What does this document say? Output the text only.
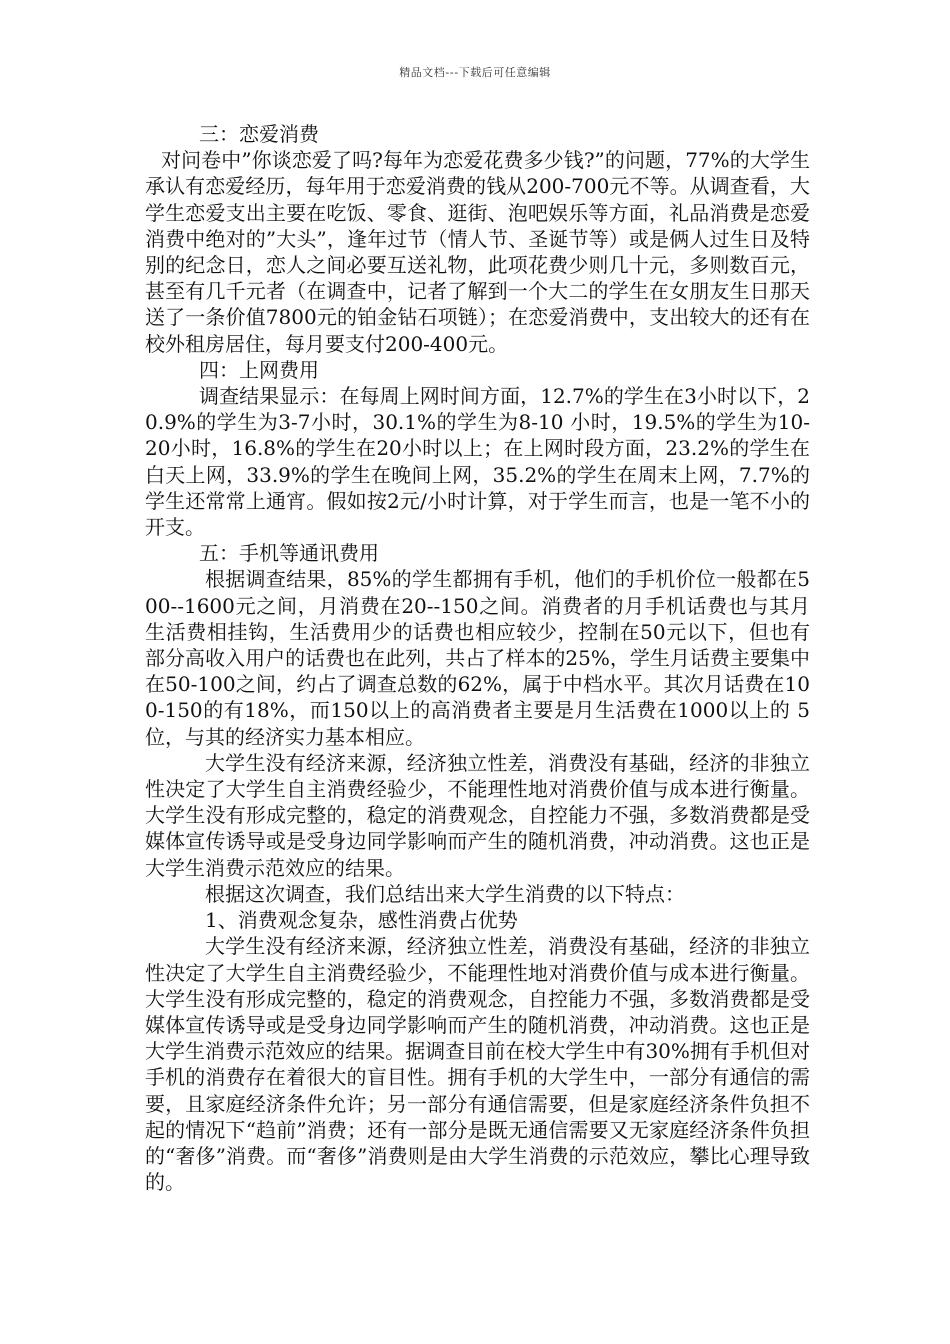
精品文档---下载后可任意编辑

三：恋爱消费

对问卷中”你谈恋爱了吗?每年为恋爱花费多少钱?”的问题，77%的大学生承认有恋爱经历，每年用于恋爱消费的钱从200-700元不等。从调查看，大学生恋爱支出主要在吃饭、零食、逛街、泡吧娱乐等方面，礼品消费是恋爱消费中绝对的”大头”，逢年过节（情人节、圣诞节等）或是俩人过生日及特别的纪念日，恋人之间必要互送礼物，此项花费少则几十元，多则数百元，甚至有几千元者（在调查中，记者了解到一个大二的学生在女朋友生日那天送了一条价值7800元的铂金钻石项链）；在恋爱消费中，支出较大的还有在校外租房居住，每月要支付200-400元。

四：上网费用

调查结果显示：在每周上网时间方面，12.7%的学生在3小时以下，20.9%的学生为3-7小时，30.1%的学生为8-10 小时，19.5%的学生为10-20小时，16.8%的学生在20小时以上；在上网时段方面，23.2%的学生在白天上网，33.9%的学生在晚间上网，35.2%的学生在周末上网，7.7%的学生还常常上通宵。假如按2元/小时计算，对于学生而言，也是一笔不小的开支。

五：手机等通讯费用

根据调查结果，85%的学生都拥有手机，他们的手机价位一般都在500--1600元之间，月消费在20--150之间。消费者的月手机话费也与其月生活费相挂钩，生活费用少的话费也相应较少，控制在50元以下，但也有部分高收入用户的话费也在此列，共占了样本的25%，学生月话费主要集中在50-100之间，约占了调查总数的62%，属于中档水平。其次月话费在100-150的有18%，而150以上的高消费者主要是月生活费在1000以上的 5位，与其的经济实力基本相应。

大学生没有经济来源，经济独立性差，消费没有基础，经济的非独立性决定了大学生自主消费经验少，不能理性地对消费价值与成本进行衡量。大学生没有形成完整的，稳定的消费观念，自控能力不强，多数消费都是受媒体宣传诱导或是受身边同学影响而产生的随机消费，冲动消费。这也正是大学生消费示范效应的结果。

根据这次调查，我们总结出来大学生消费的以下特点：

1、消费观念复杂，感性消费占优势

大学生没有经济来源，经济独立性差，消费没有基础，经济的非独立性决定了大学生自主消费经验少，不能理性地对消费价值与成本进行衡量。大学生没有形成完整的，稳定的消费观念，自控能力不强，多数消费都是受媒体宣传诱导或是受身边同学影响而产生的随机消费，冲动消费。这也正是大学生消费示范效应的结果。据调查目前在校大学生中有30%拥有手机但对手机的消费存在着很大的盲目性。拥有手机的大学生中，一部分有通信的需要，且家庭经济条件允许；另一部分有通信需要，但是家庭经济条件负担不起的情况下“趋前”消费；还有一部分是既无通信需要又无家庭经济条件负担的“奢侈”消费。而“奢侈”消费则是由大学生消费的示范效应，攀比心理导致的。
